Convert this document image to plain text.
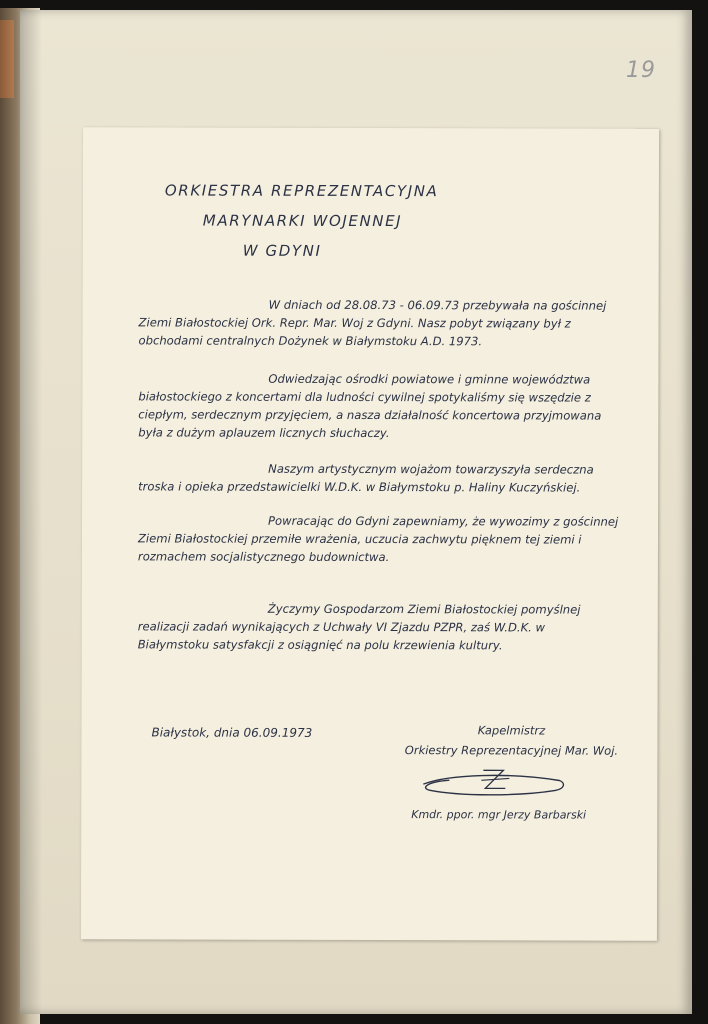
19
ORKIESTRA REPREZENTACYJNA
MARYNARKI WOJENNEJ
W GDYNI

W dniach od 28.08.73 - 06.09.73 przebywała na gościnnej Ziemi Białostockiej Ork. Repr. Mar. Woj z Gdyni. Nasz pobyt związany był z obchodami centralnych Dożynek w Białymstoku A.D. 1973.

Odwiedzając ośrodki powiatowe i gminne województwa białostockiego z koncertami dla ludności cywilnej spotykaliśmy się wszędzie z ciepłym, serdecznym przyjęciem, a nasza działalność koncertowa przyjmowana była z dużym aplauzem licznych słuchaczy.

Naszym artystycznym wojażom towarzyszyła serdeczna troska i opieka przedstawicielki W.D.K. w Białymstoku p. Haliny Kuczyńskiej.

Powracając do Gdyni zapewniamy, że wywozimy z gościnnej Ziemi Białostockiej przemiłe wrażenia, uczucia zachwytu pięknem tej ziemi i rozmachem socjalistycznego budownictwa.

Życzymy Gospodarzom Ziemi Białostockiej pomyślnej realizacji zadań wynikających z Uchwały VI Zjazdu PZPR, zaś W.D.K. w Białymstoku satysfakcji z osiągnięć na polu krzewienia kultury.

Białystok, dnia 06.09.1973	Kapelmistrz
Orkiestry Reprezentacyjnej Mar. Woj.
Kmdr. ppor. mgr Jerzy Barbarski
